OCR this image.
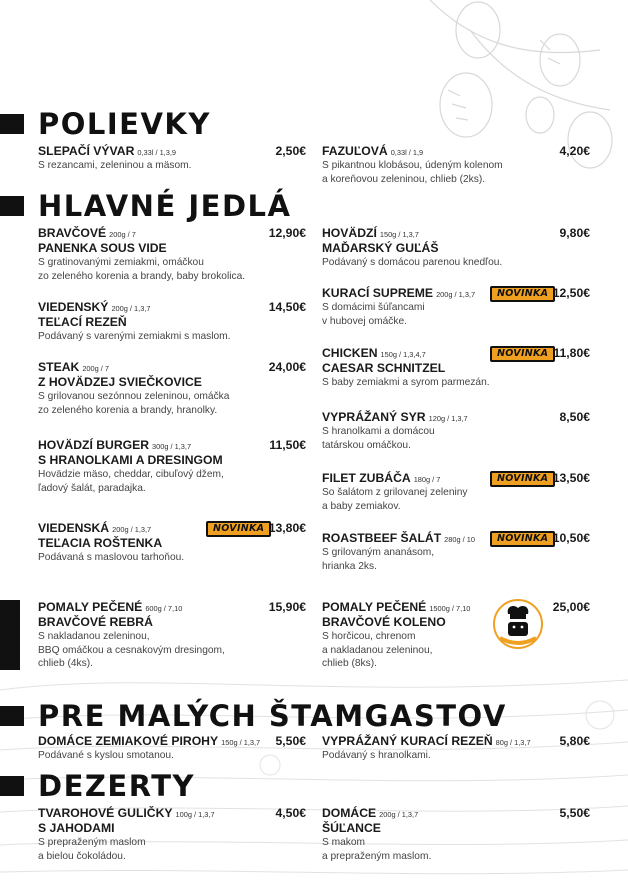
POLIEVKY
SLEPAČÍ VÝVAR 0,33l / 1,3,9	2,50€
S rezancami, zeleninou a mäsom.
FAZUĽOVÁ 0,33l / 1,9	4,20€
S pikantnou klobásou, údeným kolenom
a koreňovou zeleninou, chlieb (2ks).
HLAVNÉ JEDLÁ
BRAVČOVÉ 200g / 7	12,90€
PANENKA SOUS VIDE
S gratinovanými zemiakmi, omáčkou
zo zeleného korenia a brandy, baby brokolica.
VIEDENSKÝ 200g / 1,3,7	14,50€
TEĽACÍ REZEŇ
Podávaný s varenými zemiakmi s maslom.
STEAK 200g / 7	24,00€
Z HOVÄDZEJ SVIEČKOVICE
S grilovanou sezónnou zeleninou, omáčka
zo zeleného korenia a brandy, hranolky.
HOVÄDZÍ BURGER 300g / 1,3,7	11,50€
S HRANOLKAMI A DRESINGOM
Hovädzie mäso, cheddar, cibuľový džem,
ľadový šalát, paradajka.
VIEDENSKÁ 200g / 1,3,7	NOVINKA 13,80€
TEĽACIA ROŠTENKA
Podávaná s maslovou tarhoňou.
HOVÄDZÍ 150g / 1,3,7	9,80€
MAĎARSKÝ GUĽÁŠ
Podávaný s domácou parenou knedľou.
KURACÍ SUPREME 200g / 1,3,7	NOVINKA 12,50€
S domácimi šúľancami
v hubovej omáčke.
CHICKEN 150g / 1,3,4,7	NOVINKA 11,80€
CAESAR SCHNITZEL
S baby zemiakmi a syrom parmezán.
VYPRÁŽANÝ SYR 120g / 1,3,7	8,50€
S hranolkami a domácou
tatárskou omáčkou.
FILET ZUBÁČA 180g / 7	NOVINKA 13,50€
So šalátom z grilovanej zeleniny
a baby zemiakov.
ROASTBEEF ŠALÁT 280g / 10	NOVINKA 10,50€
S grilovaným ananásom,
hrianka 2ks.
POMALY PEČENÉ 600g / 7,10	15,90€
BRAVČOVÉ REBRÁ
S nakladanou zeleninou,
BBQ omáčkou a cesnakovým dresingom,
chlieb (4ks).
POMALY PEČENÉ 1500g / 7,10	25,00€
BRAVČOVÉ KOLENO
S horčicou, chrenom
a nakladanou zeleninou,
chlieb (8ks).
PRE MALÝCH ŠTAMGASTOV
DOMÁCE ZEMIAKOVÉ PIROHY 150g / 1,3,7 5,50€
Podávané s kyslou smotanou.
VYPRÁŽANÝ KURACÍ REZEŇ 80g / 1,3,7 5,80€
Podávaný s hranolkami.
DEZERTY
TVAROHOVÉ GULIČKY 100g / 1,3,7	4,50€
S JAHODAMI
S prepraženým maslom
a bielou čokoládou.
DOMÁCE 200g / 1,3,7	5,50€
ŠÚĽANCE
S makom
a prepraženým maslom.
